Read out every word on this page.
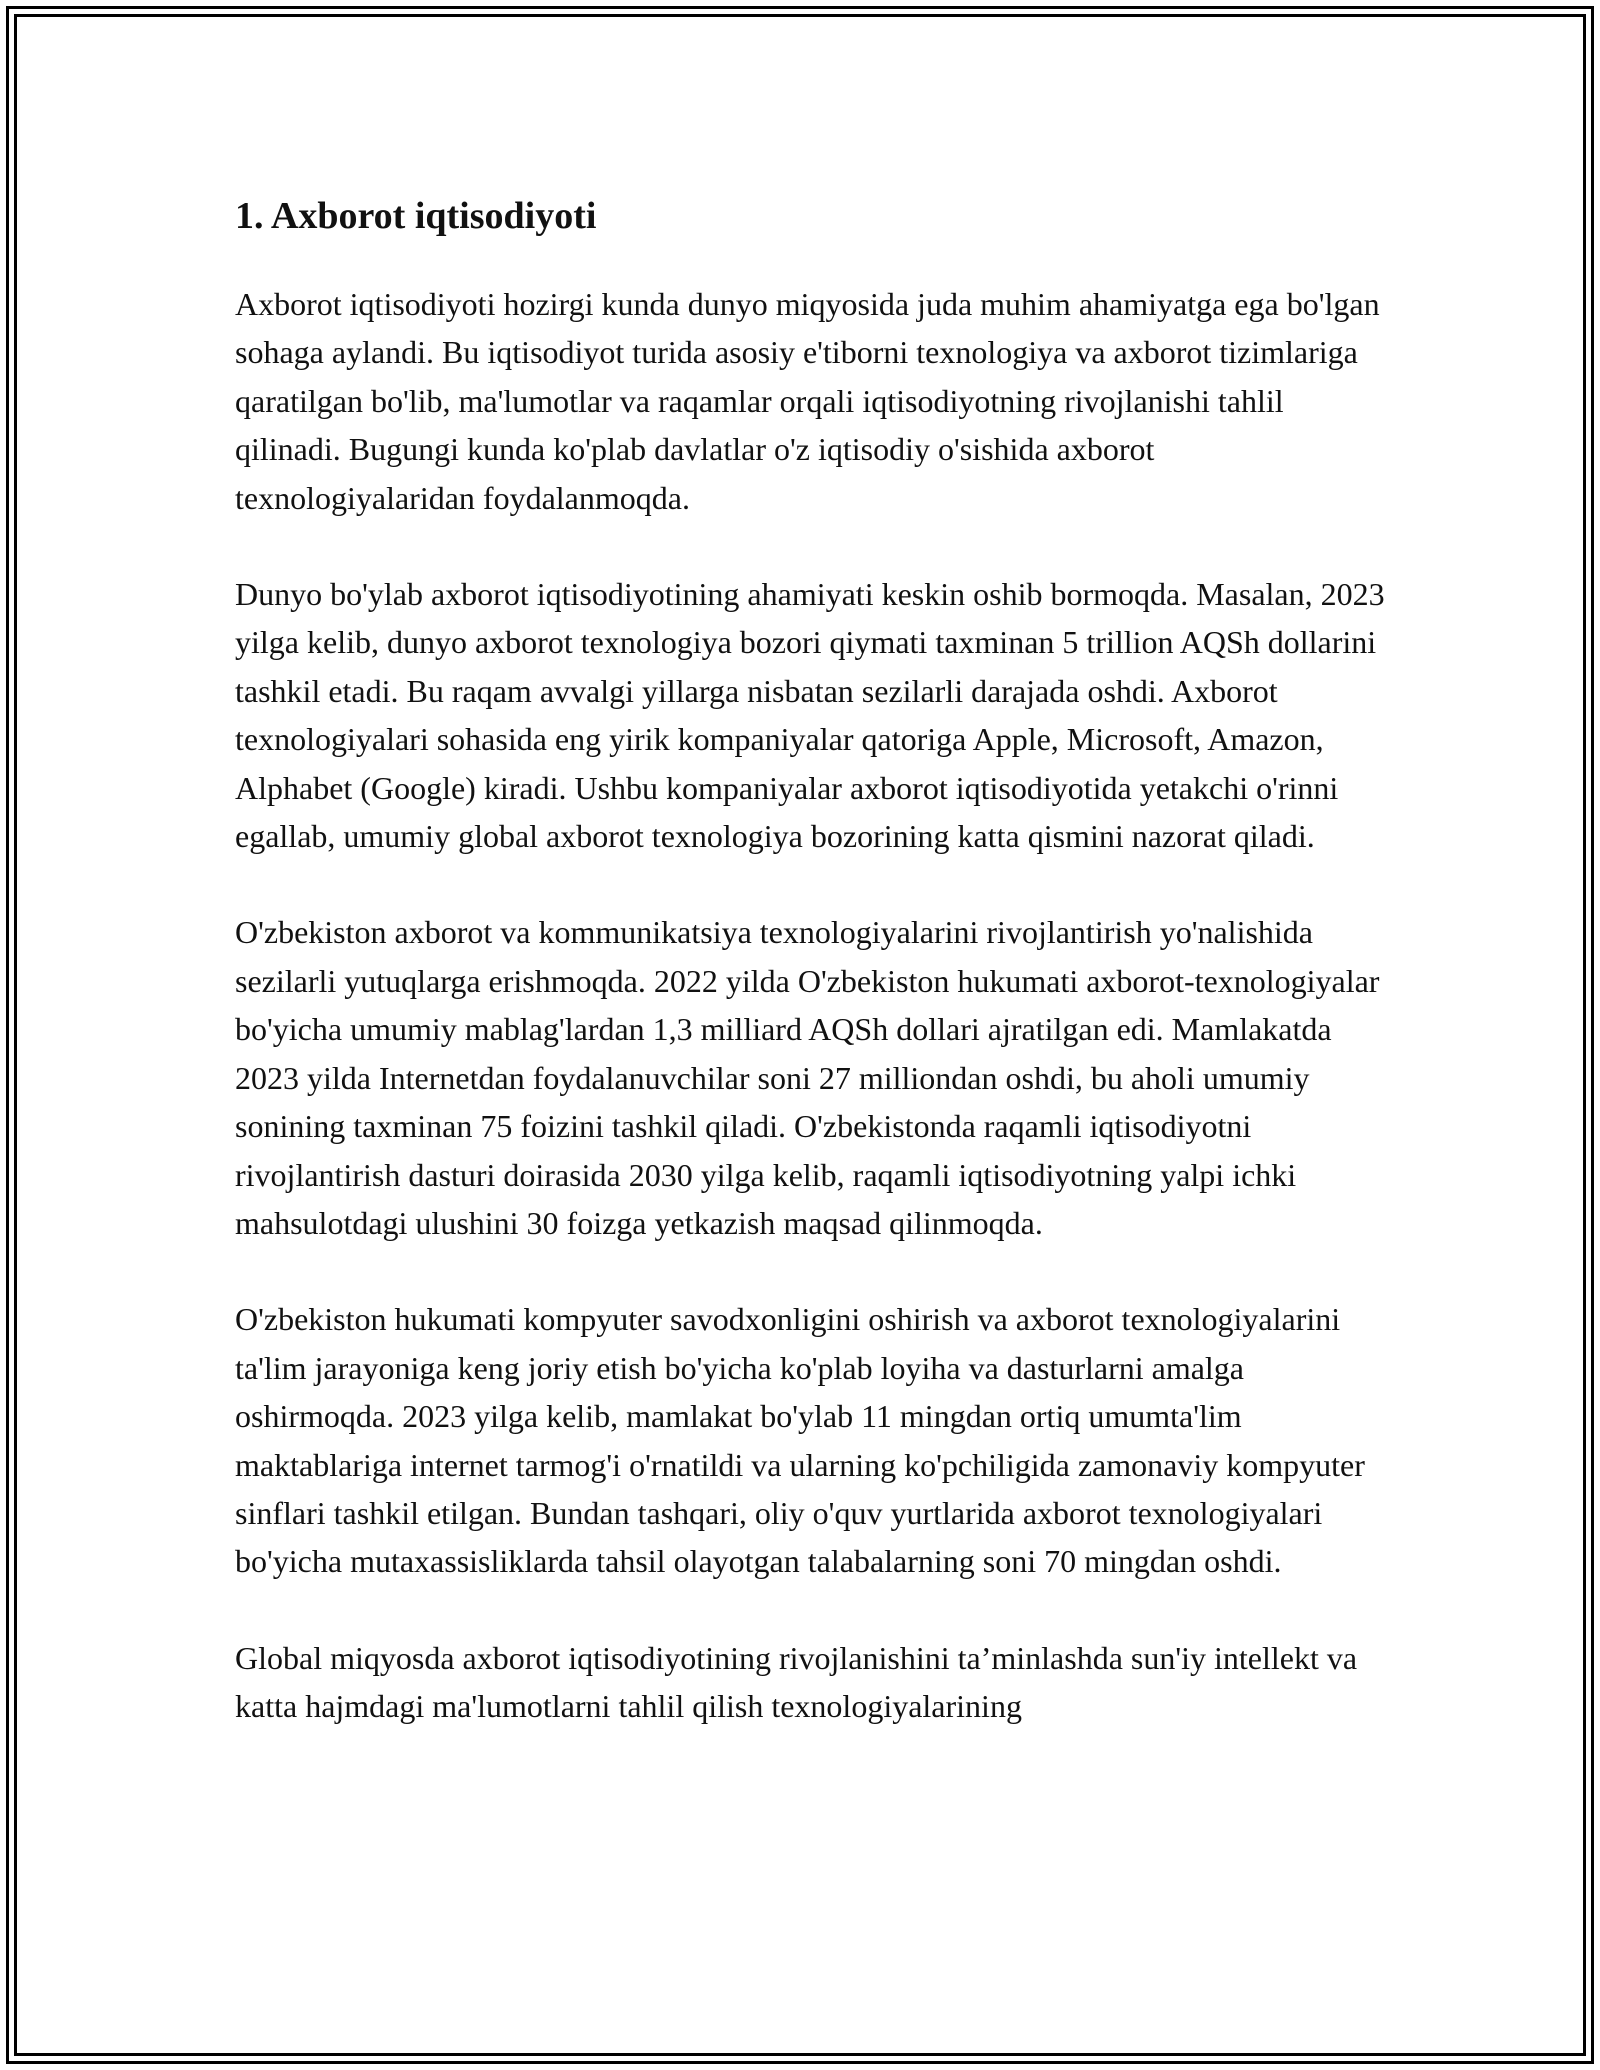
1. Axborot iqtisodiyoti

Axborot iqtisodiyoti hozirgi kunda dunyo miqyosida juda muhim ahamiyatga ega bo'lgan sohaga aylandi. Bu iqtisodiyot turida asosiy e'tiborni texnologiya va axborot tizimlariga qaratilgan bo'lib, ma'lumotlar va raqamlar orqali iqtisodiyotning rivojlanishi tahlil qilinadi. Bugungi kunda ko'plab davlatlar o'z iqtisodiy o'sishida axborot texnologiyalaridan foydalanmoqda.

Dunyo bo'ylab axborot iqtisodiyotining ahamiyati keskin oshib bormoqda. Masalan, 2023 yilga kelib, dunyo axborot texnologiya bozori qiymati taxminan 5 trillion AQSh dollarini tashkil etadi. Bu raqam avvalgi yillarga nisbatan sezilarli darajada oshdi. Axborot texnologiyalari sohasida eng yirik kompaniyalar qatoriga Apple, Microsoft, Amazon, Alphabet (Google) kiradi. Ushbu kompaniyalar axborot iqtisodiyotida yetakchi o'rinni egallab, umumiy global axborot texnologiya bozorining katta qismini nazorat qiladi.

O'zbekiston axborot va kommunikatsiya texnologiyalarini rivojlantirish yo'nalishida sezilarli yutuqlarga erishmoqda. 2022 yilda O'zbekiston hukumati axborot-texnologiyalar bo'yicha umumiy mablag'lardan 1,3 milliard AQSh dollari ajratilgan edi. Mamlakatda 2023 yilda Internetdan foydalanuvchilar soni 27 milliondan oshdi, bu aholi umumiy sonining taxminan 75 foizini tashkil qiladi. O'zbekistonda raqamli iqtisodiyotni rivojlantirish dasturi doirasida 2030 yilga kelib, raqamli iqtisodiyotning yalpi ichki mahsulotdagi ulushini 30 foizga yetkazish maqsad qilinmoqda.

O'zbekiston hukumati kompyuter savodxonligini oshirish va axborot texnologiyalarini ta'lim jarayoniga keng joriy etish bo'yicha ko'plab loyiha va dasturlarni amalga oshirmoqda. 2023 yilga kelib, mamlakat bo'ylab 11 mingdan ortiq umumta'lim maktablariga internet tarmog'i o'rnatildi va ularning ko'pchiligida zamonaviy kompyuter sinflari tashkil etilgan. Bundan tashqari, oliy o'quv yurtlarida axborot texnologiyalari bo'yicha mutaxassisliklarda tahsil olayotgan talabalarning soni 70 mingdan oshdi.

Global miqyosda axborot iqtisodiyotining rivojlanishini ta’minlashda sun'iy intellekt va katta hajmdagi ma'lumotlarni tahlil qilish texnologiyalarining
